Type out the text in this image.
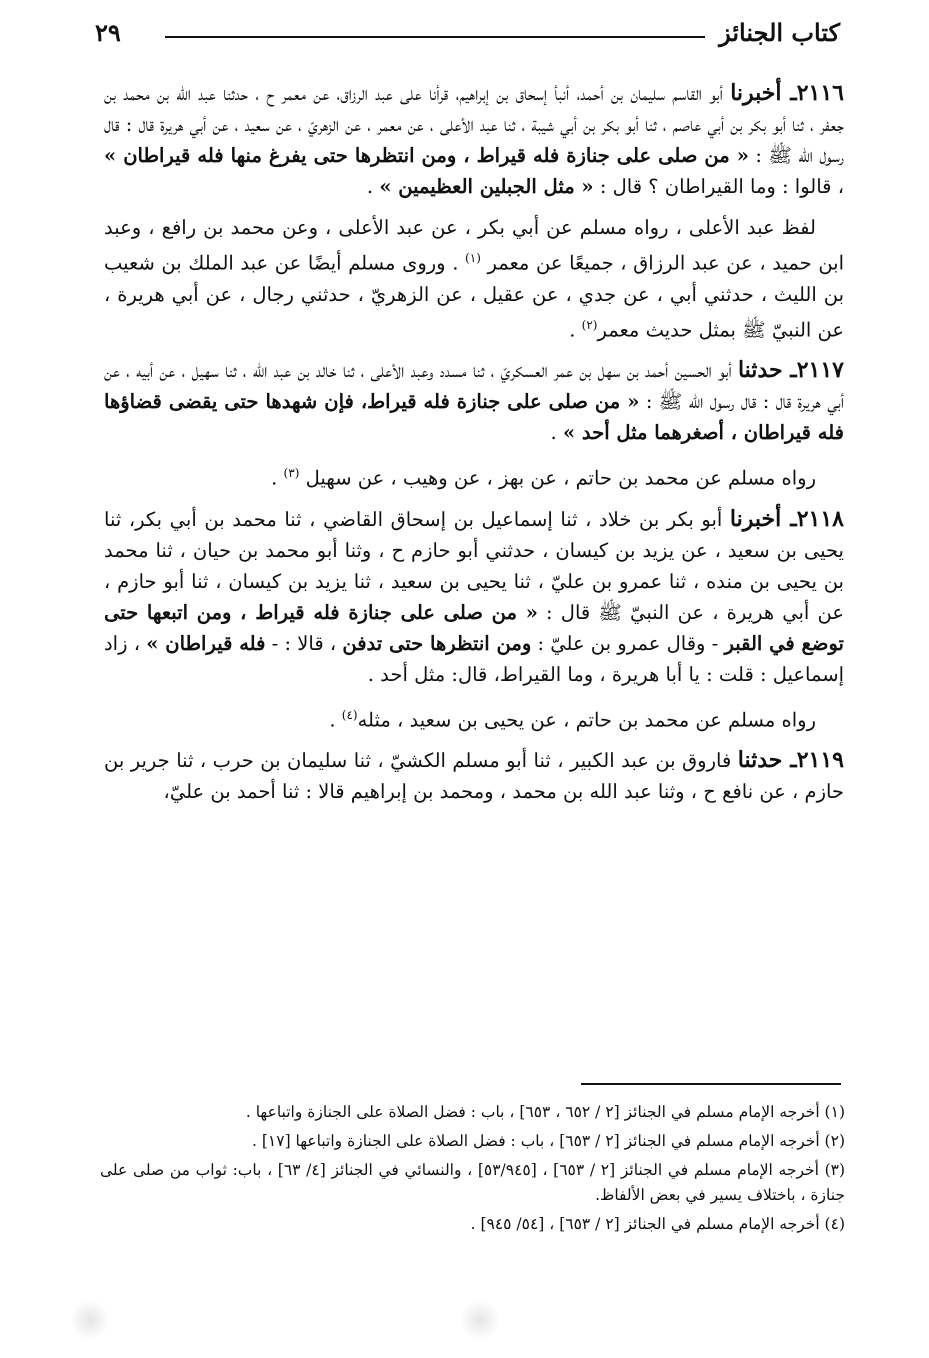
كتاب الجنائز
٢٩

٢١١٦ـ أخبرنا أبو القاسم سليمان بن أحمد، أنبأ إسحاق بن إبراهيم، قرأنا على عبد الرزاق، عن معمر ح ، حدثنا عبد الله بن محمد بن جعفر ، ثنا أبو بكر بن أبي عاصم ، ثنا أبو بكر بن أبي شيبة ، ثنا عبد الأعلى ، عن معمر ، عن الزهريّ ، عن سعيد ، عن أبي هريرة قال : قال رسول الله ﷺ : « من صلى على جنازة فله قيراط ، ومن انتظرها حتى يفرغ منها فله قيراطان » ، قالوا : وما القيراطان ؟ قال : « مثل الجبلين العظيمين » .

لفظ عبد الأعلى ، رواه مسلم عن أبي بكر ، عن عبد الأعلى ، وعن محمد بن رافع ، وعبد ابن حميد ، عن عبد الرزاق ، جميعًا عن معمر $^{(١)}$ . وروى مسلم أيضًا عن عبد الملك بن شعيب بن الليث ، حدثني أبي ، عن جدي ، عن عقيل ، عن الزهريّ ، حدثني رجال ، عن أبي هريرة ، عن النبيّ ﷺ بمثل حديث معمر$^{(٢)}$ .

٢١١٧ـ حدثنا أبو الحسين أحمد بن سهل بن عمر العسكريّ ، ثنا مسدد وعبد الأعلى ، ثنا خالد بن عبد الله ، ثنا سهيل ، عن أبيه ، عن أبي هريرة قال : قال رسول الله ﷺ : « من صلى على جنازة فله قيراط، فإن شهدها حتى يقضى قضاؤها فله قيراطان ، أصغرهما مثل أحد » .

رواه مسلم عن محمد بن حاتم ، عن بهز ، عن وهيب ، عن سهيل $^{(٣)}$ .

٢١١٨ـ أخبرنا أبو بكر بن خلاد ، ثنا إسماعيل بن إسحاق القاضي ، ثنا محمد بن أبي بكر، ثنا يحيى بن سعيد ، عن يزيد بن كيسان ، حدثني أبو حازم ح ، وثنا أبو محمد بن حيان ، ثنا محمد بن يحيى بن منده ، ثنا عمرو بن عليّ ، ثنا يحيى بن سعيد ، ثنا يزيد بن كيسان ، ثنا أبو حازم ، عن أبي هريرة ، عن النبيّ ﷺ قال : « من صلى على جنازة فله قيراط ، ومن اتبعها حتى توضع في القبر - وقال عمرو بن عليّ : ومن انتظرها حتى تدفن ، قالا : - فله قيراطان » ، زاد إسماعيل : قلت : يا أبا هريرة ، وما القيراط، قال: مثل أحد .

رواه مسلم عن محمد بن حاتم ، عن يحيى بن سعيد ، مثله$^{(٤)}$ .

٢١١٩ـ حدثنا فاروق بن عبد الكبير ، ثنا أبو مسلم الكشيّ ، ثنا سليمان بن حرب ، ثنا جرير بن حازم ، عن نافع ح ، وثنا عبد الله بن محمد ، ومحمد بن إبراهيم قالا : ثنا أحمد بن عليّ،

(١) أخرجه الإمام مسلم في الجنائز [٢ / ٦٥٢ ، ٦٥٣] ، باب : فضل الصلاة على الجنازة واتباعها .

(٢) أخرجه الإمام مسلم في الجنائز [٢ / ٦٥٣] ، باب : فضل الصلاة على الجنازة واتباعها [١٧] .

(٣) أخرجه الإمام مسلم في الجنائز [٢ / ٦٥٣] ، [٥٣/٩٤٥] ، والنسائي في الجنائز [٤/ ٦٣] ، باب: ثواب من صلى على جنازة ، باختلاف يسير في بعض الألفاظ.

(٤) أخرجه الإمام مسلم في الجنائز [٢ / ٦٥٣] ، [٥٤/ ٩٤٥] .
